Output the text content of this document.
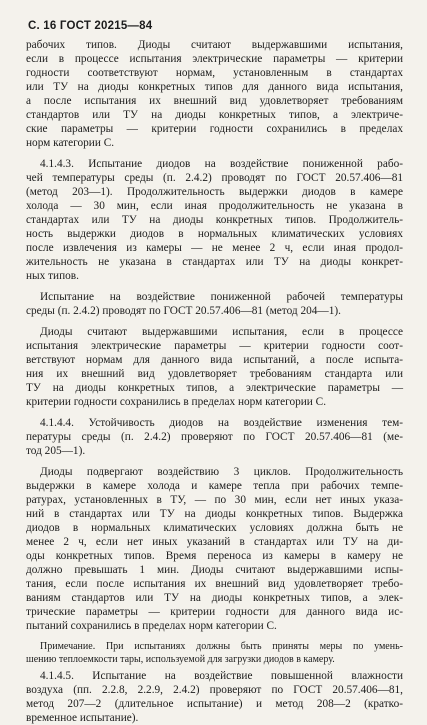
С. 16 ГОСТ 20215—84
рабочих типов. Диоды считают выдержавшими испытания,
если в процессе испытания электрические параметры — критерии
годности соответствуют нормам, установленным в стандартах
или ТУ на диоды конкретных типов для данного вида испытания,
а после испытания их внешний вид удовлетворяет требованиям
стандартов или ТУ на диоды конкретных типов, а электриче-
ские параметры — критерии годности сохранились в пределах
норм категории С.
4.1.4.3. Испытание диодов на воздействие пониженной рабо-
чей температуры среды (п. 2.4.2) проводят по ГОСТ 20.57.406—81
(метод 203—1). Продолжительность выдержки диодов в камере
холода — 30 мин, если иная продолжительность не указана в
стандартах или ТУ на диоды конкретных типов. Продолжитель-
ность выдержки диодов в нормальных климатических условиях
после извлечения из камеры — не менее 2 ч, если иная продол-
жительность не указана в стандартах или ТУ на диоды конкрет-
ных типов.
Испытание на воздействие пониженной рабочей температуры
среды (п. 2.4.2) проводят по ГОСТ 20.57.406—81 (метод 204—1).
Диоды считают выдержавшими испытания, если в процессе
испытания электрические параметры — критерии годности соот-
ветствуют нормам для данного вида испытаний, а после испыта-
ния их внешний вид удовлетворяет требованиям стандарта или
ТУ на диоды конкретных типов, а электрические параметры —
критерии годности сохранились в пределах норм категории С.
4.1.4.4. Устойчивость диодов на воздействие изменения тем-
пературы среды (п. 2.4.2) проверяют по ГОСТ 20.57.406—81 (ме-
тод 205—1).
Диоды подвергают воздействию 3 циклов. Продолжительность
выдержки в камере холода и камере тепла при рабочих темпе-
ратурах, установленных в ТУ, — по 30 мин, если нет иных указа-
ний в стандартах или ТУ на диоды конкретных типов. Выдержка
диодов в нормальных климатических условиях должна быть не
менее 2 ч, если нет иных указаний в стандартах или ТУ на ди-
оды конкретных типов. Время переноса из камеры в камеру не
должно превышать 1 мин. Диоды считают выдержавшими испы-
тания, если после испытания их внешний вид удовлетворяет требо-
ваниям стандартов или ТУ на диоды конкретных типов, а элек-
трические параметры — критерии годности для данного вида ис-
пытаний сохранились в пределах норм категории С.
Примечание. При испытаниях должны быть приняты меры по умень-
шению теплоемкости тары, используемой для загрузки диодов в камеру.
4.1.4.5. Испытание на воздействие повышенной влажности
воздуха (пп. 2.2.8, 2.2.9, 2.4.2) проверяют по ГОСТ 20.57.406—81,
метод 207—2 (длительное испытание) и метод 208—2 (кратко-
временное испытание).
